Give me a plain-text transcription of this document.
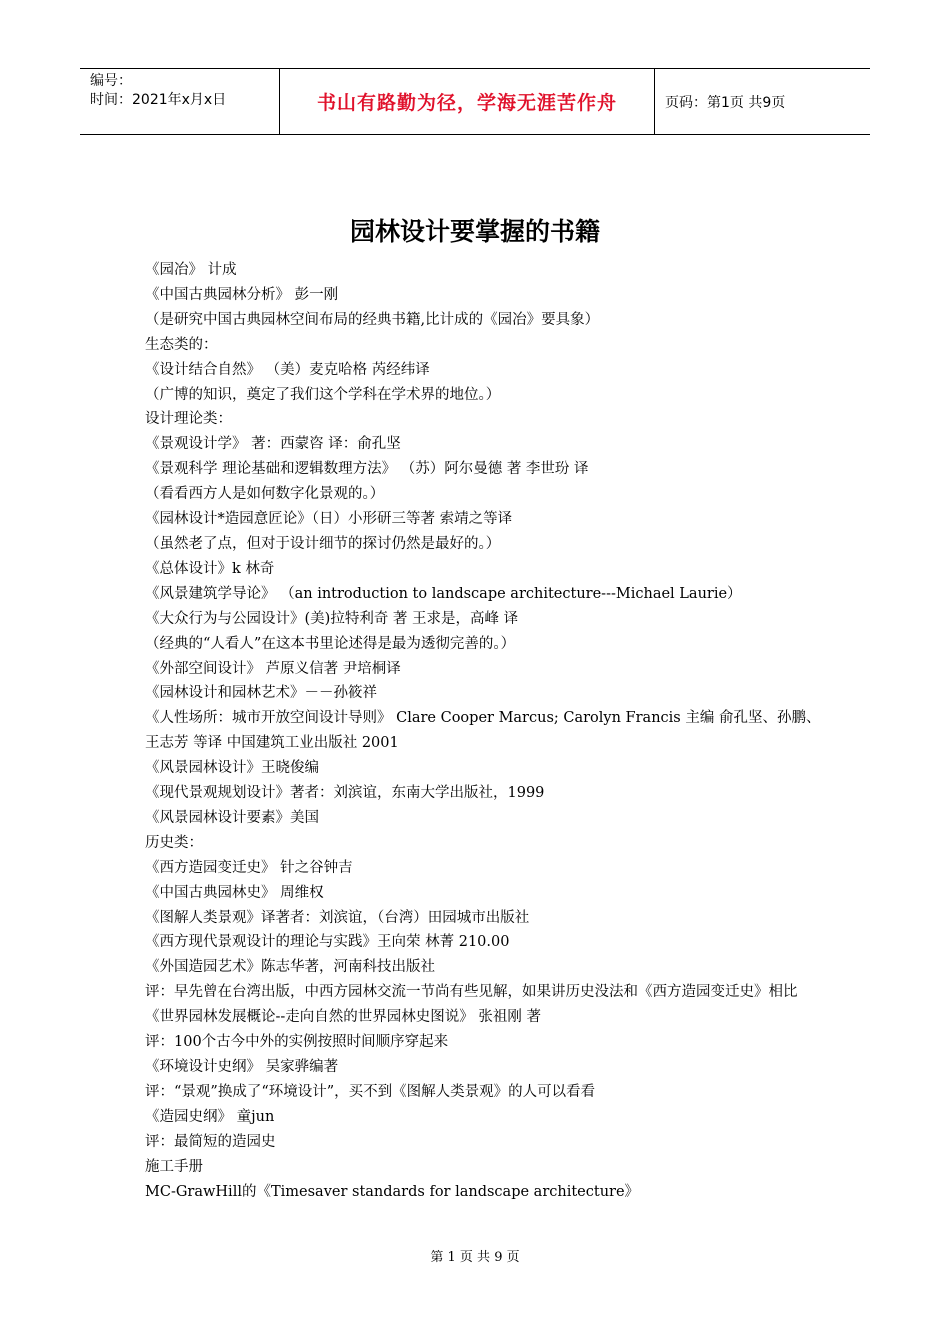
编号：
时间：2021年x月x日	书山有路勤为径，学海无涯苦作舟	页码：第1页 共9页
园林设计要掌握的书籍
《园冶》 计成
《中国古典园林分析》 彭一刚
（是研究中国古典园林空间布局的经典书籍,比计成的《园冶》要具象）
生态类的：
《设计结合自然》 （美）麦克哈格 芮经纬译
（广博的知识，奠定了我们这个学科在学术界的地位。）
设计理论类：
《景观设计学》 著：西蒙咨 译：俞孔坚
《景观科学 理论基础和逻辑数理方法》 （苏）阿尔曼德 著 李世玢 译
（看看西方人是如何数字化景观的。）
《园林设计*造园意匠论》（日）小形研三等著 索靖之等译
（虽然老了点，但对于设计细节的探讨仍然是最好的。）
《总体设计》k 林奇
《风景建筑学导论》 （an introduction to landscape architecture---Michael Laurie）
《大众行为与公园设计》(美)拉特利奇 著 王求是，高峰 译
（经典的“人看人”在这本书里论述得是最为透彻完善的。）
《外部空间设计》 芦原义信著 尹培桐译
《园林设计和园林艺术》－－孙筱祥
《人性场所：城市开放空间设计导则》 Clare Cooper Marcus; Carolyn Francis 主编 俞孔坚、孙鹏、王志芳 等译 中国建筑工业出版社 2001
《风景园林设计》王晓俊编
《现代景观规划设计》著者：刘滨谊，东南大学出版社，1999
《风景园林设计要素》美国
历史类：
《西方造园变迁史》 针之谷钟吉
《中国古典园林史》 周维权
《图解人类景观》译著者：刘滨谊，（台湾）田园城市出版社
《西方现代景观设计的理论与实践》王向荣 林菁 210.00
《外国造园艺术》陈志华著，河南科技出版社
评：早先曾在台湾出版，中西方园林交流一节尚有些见解，如果讲历史没法和《西方造园变迁史》相比
《世界园林发展概论--走向自然的世界园林史图说》 张祖刚 著
评：100个古今中外的实例按照时间顺序穿起来
《环境设计史纲》 吴家骅编著
评：“景观”换成了“环境设计”，买不到《图解人类景观》的人可以看看
《造园史纲》 童jun
评：最简短的造园史
施工手册
MC-GrawHill的《Timesaver standards for landscape architecture》
第 1 页 共 9 页
